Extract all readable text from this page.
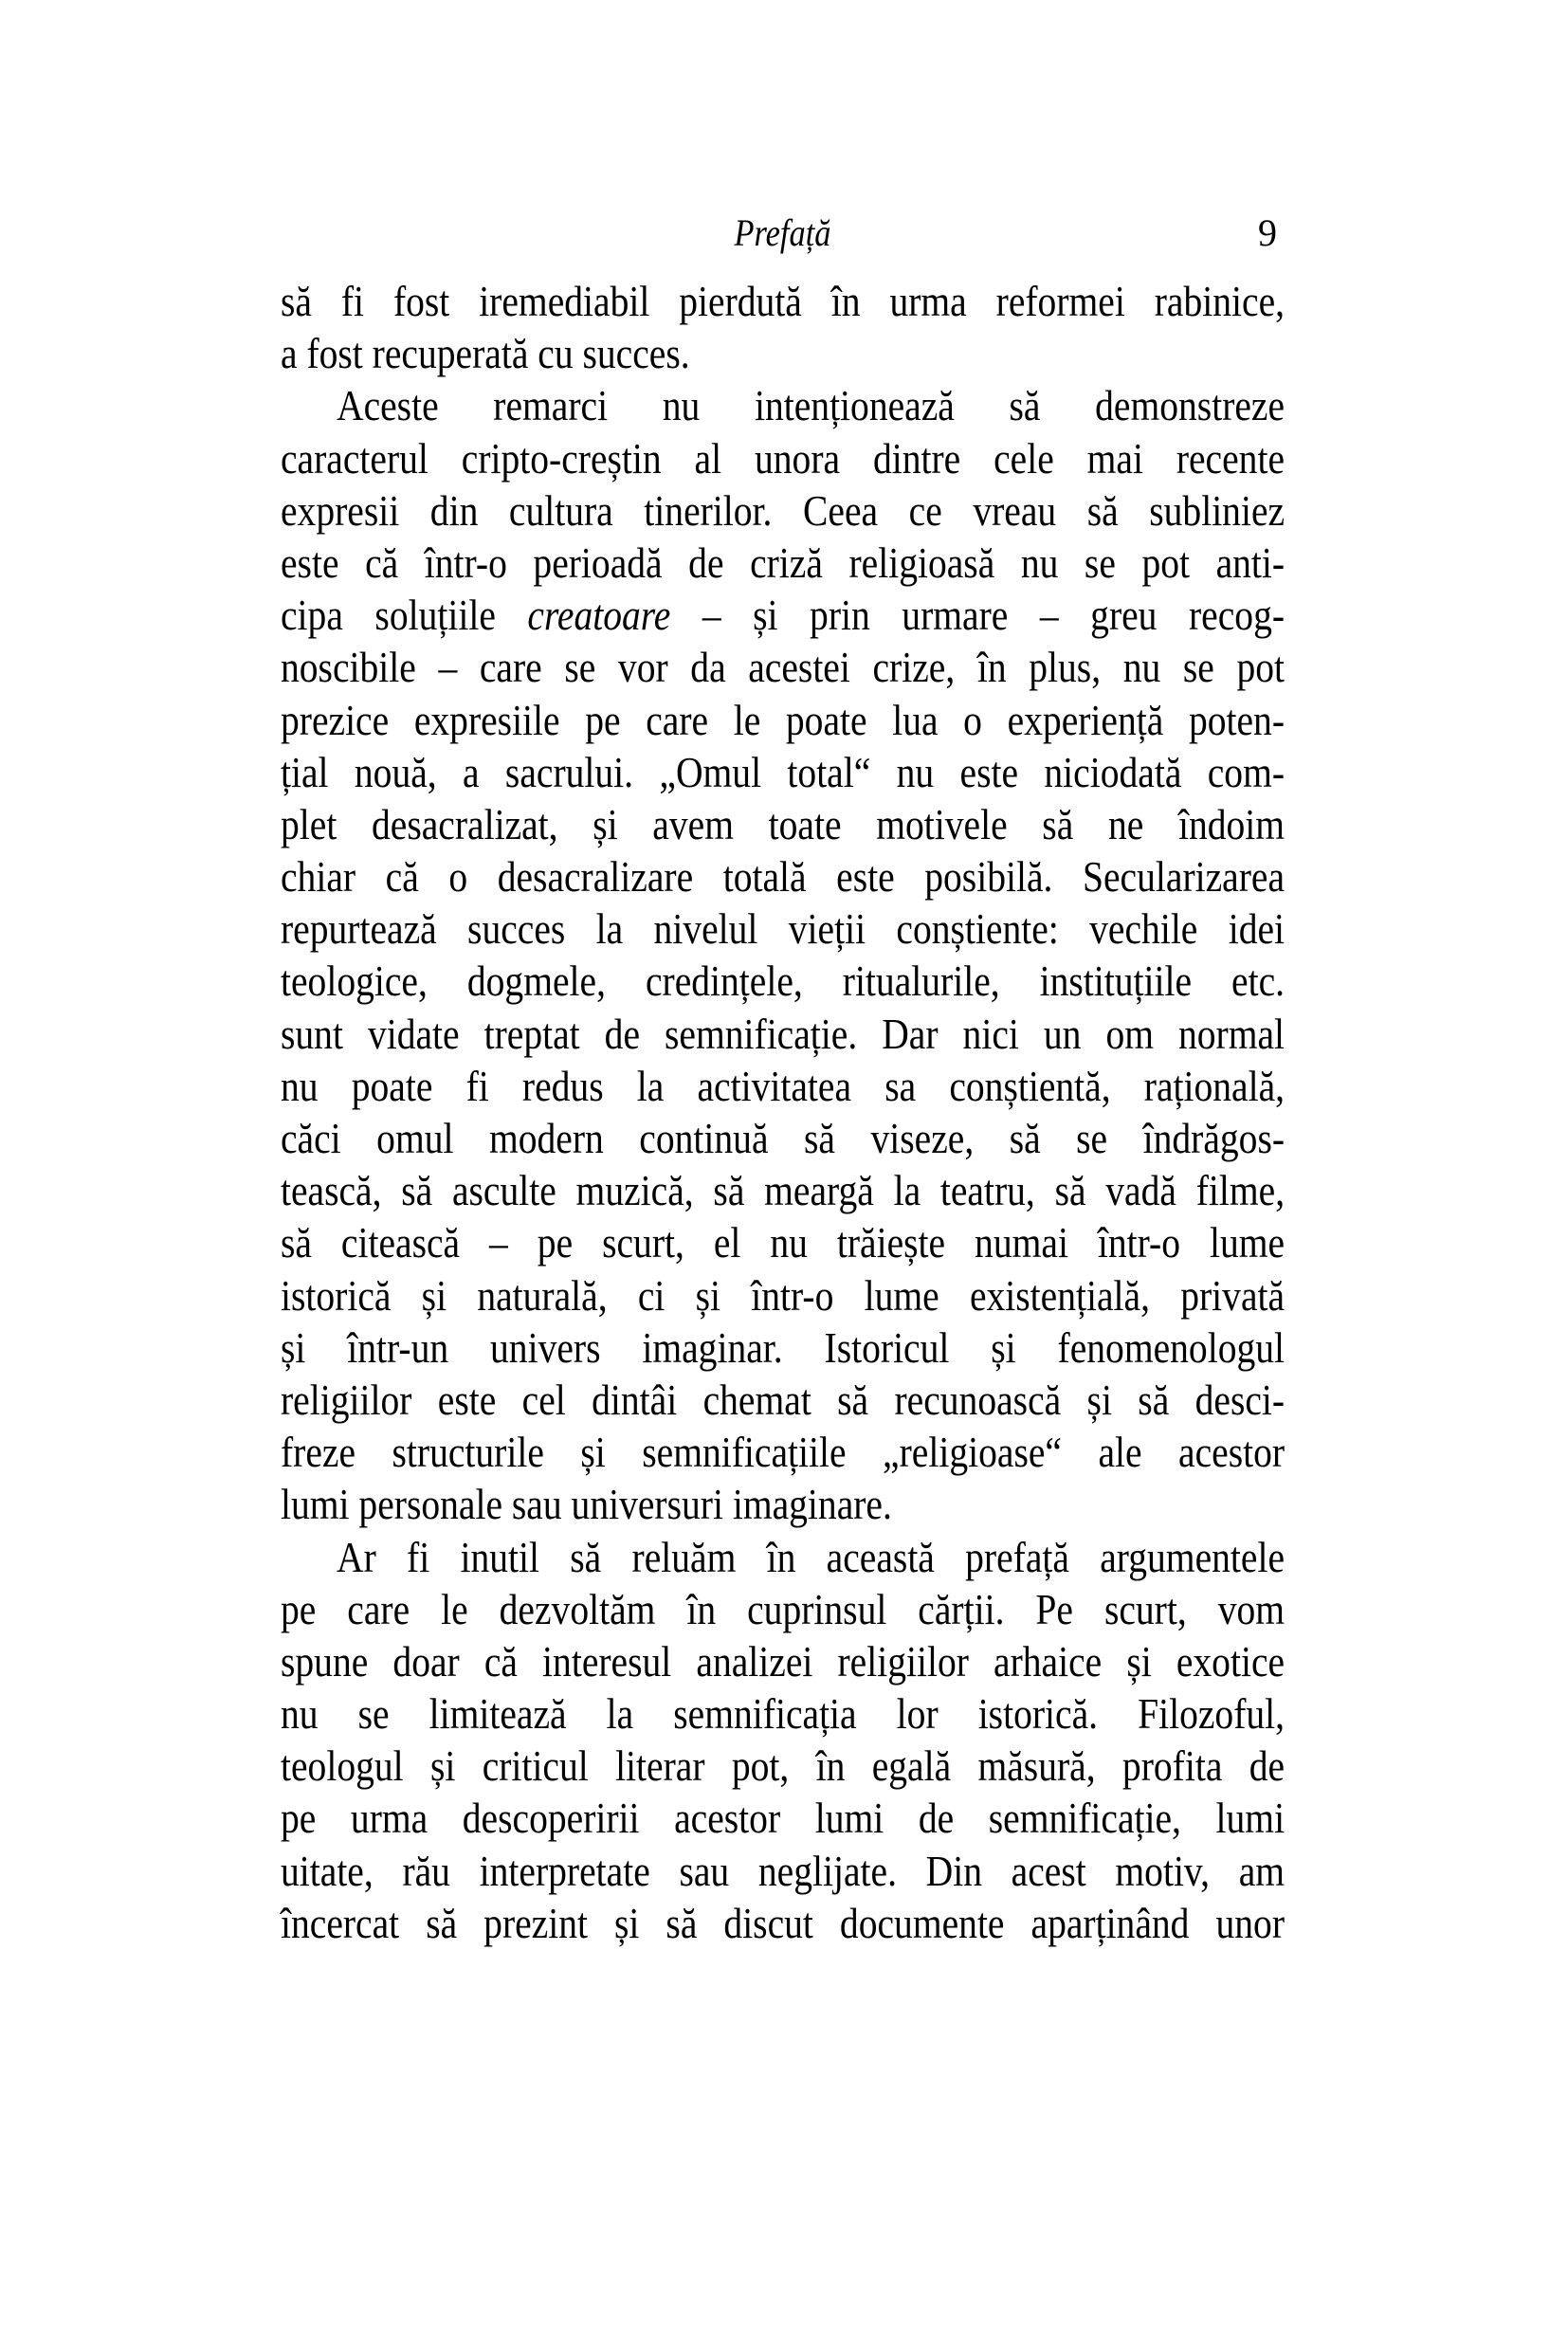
Prefață	9
să fi fost iremediabil pierdută în urma reformei rabinice,
a fost recuperată cu succes.
Aceste remarci nu intenționează să demonstreze
caracterul cripto-creștin al unora dintre cele mai recente
expresii din cultura tinerilor. Ceea ce vreau să subliniez
este că într-o perioadă de criză religioasă nu se pot anti-
cipa soluțiile creatoare – și prin urmare – greu recog-
noscibile – care se vor da acestei crize, în plus, nu se pot
prezice expresiile pe care le poate lua o experiență poten-
țial nouă, a sacrului. „Omul total“ nu este niciodată com-
plet desacralizat, și avem toate motivele să ne îndoim
chiar că o desacralizare totală este posibilă. Secularizarea
repurtează succes la nivelul vieții conștiente: vechile idei
teologice, dogmele, credințele, ritualurile, instituțiile etc.
sunt vidate treptat de semnificație. Dar nici un om normal
nu poate fi redus la activitatea sa conștientă, rațională,
căci omul modern continuă să viseze, să se îndrăgos-
tească, să asculte muzică, să meargă la teatru, să vadă filme,
să citească – pe scurt, el nu trăiește numai într-o lume
istorică și naturală, ci și într-o lume existențială, privată
și într-un univers imaginar. Istoricul și fenomenologul
religiilor este cel dintâi chemat să recunoască și să desci-
freze structurile și semnificațiile „religioase“ ale acestor
lumi personale sau universuri imaginare.
Ar fi inutil să reluăm în această prefață argumentele
pe care le dezvoltăm în cuprinsul cărții. Pe scurt, vom
spune doar că interesul analizei religiilor arhaice și exotice
nu se limitează la semnificația lor istorică. Filozoful,
teologul și criticul literar pot, în egală măsură, profita de
pe urma descoperirii acestor lumi de semnificație, lumi
uitate, rău interpretate sau neglijate. Din acest motiv, am
încercat să prezint și să discut documente aparținând unor
